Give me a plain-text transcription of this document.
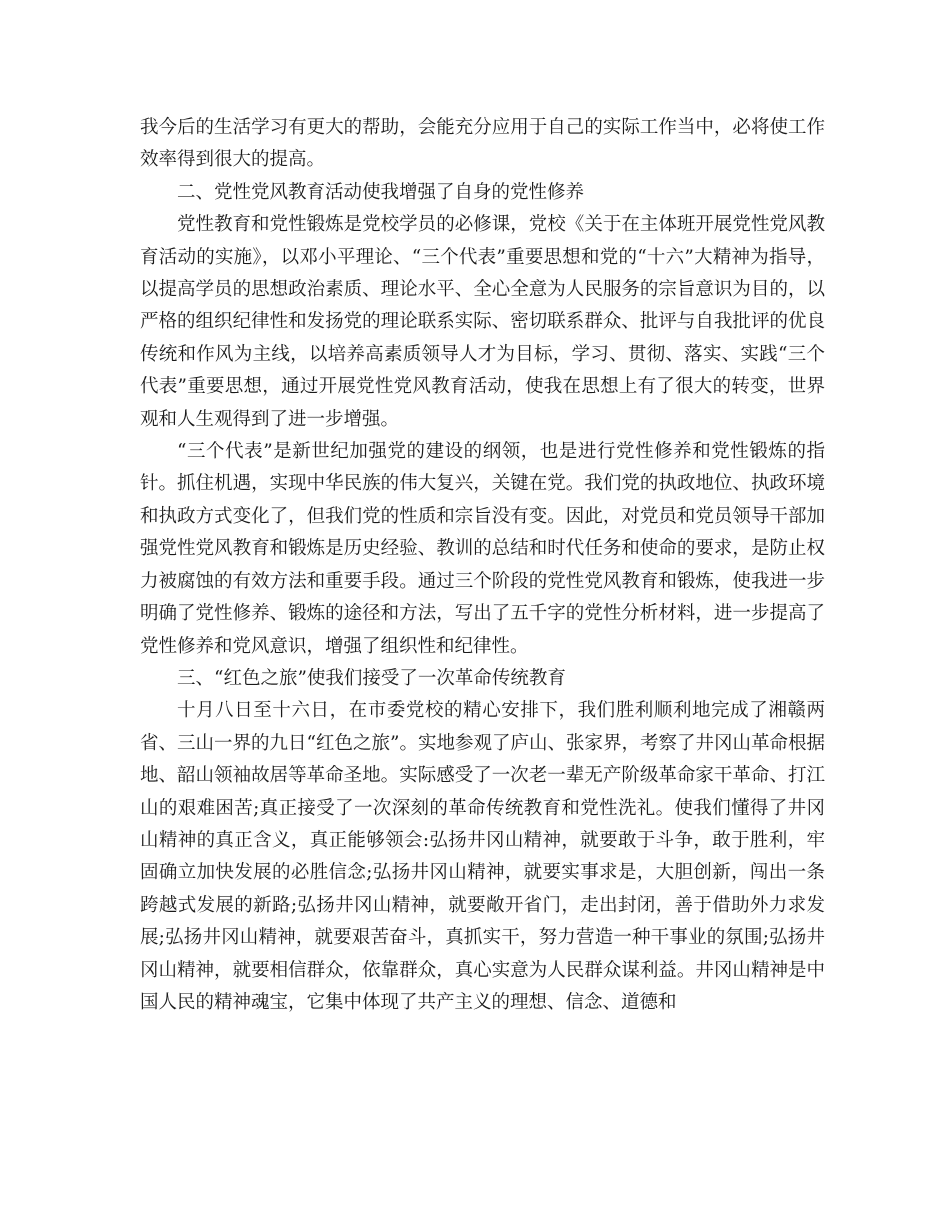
我今后的生活学习有更大的帮助，会能充分应用于自己的实际工作当中，必将使工作效率得到很大的提高。

二、党性党风教育活动使我增强了自身的党性修养

党性教育和党性锻炼是党校学员的必修课，党校《关于在主体班开展党性党风教育活动的实施》，以邓小平理论、“三个代表”重要思想和党的“十六”大精神为指导，以提高学员的思想政治素质、理论水平、全心全意为人民服务的宗旨意识为目的，以严格的组织纪律性和发扬党的理论联系实际、密切联系群众、批评与自我批评的优良传统和作风为主线，以培养高素质领导人才为目标，学习、贯彻、落实、实践“三个代表”重要思想，通过开展党性党风教育活动，使我在思想上有了很大的转变，世界观和人生观得到了进一步增强。

“三个代表”是新世纪加强党的建设的纲领，也是进行党性修养和党性锻炼的指针。抓住机遇，实现中华民族的伟大复兴，关键在党。我们党的执政地位、执政环境和执政方式变化了，但我们党的性质和宗旨没有变。因此，对党员和党员领导干部加强党性党风教育和锻炼是历史经验、教训的总结和时代任务和使命的要求，是防止权力被腐蚀的有效方法和重要手段。通过三个阶段的党性党风教育和锻炼，使我进一步明确了党性修养、锻炼的途径和方法，写出了五千字的党性分析材料，进一步提高了党性修养和党风意识，增强了组织性和纪律性。

三、“红色之旅”使我们接受了一次革命传统教育

十月八日至十六日，在市委党校的精心安排下，我们胜利顺利地完成了湘赣两省、三山一界的九日“红色之旅”。实地参观了庐山、张家界，考察了井冈山革命根据地、韶山领袖故居等革命圣地。实际感受了一次老一辈无产阶级革命家干革命、打江山的艰难困苦;真正接受了一次深刻的革命传统教育和党性洗礼。使我们懂得了井冈山精神的真正含义，真正能够领会:弘扬井冈山精神，就要敢于斗争，敢于胜利，牢固确立加快发展的必胜信念;弘扬井冈山精神，就要实事求是，大胆创新，闯出一条跨越式发展的新路;弘扬井冈山精神，就要敞开省门，走出封闭，善于借助外力求发展;弘扬井冈山精神，就要艰苦奋斗，真抓实干，努力营造一种干事业的氛围;弘扬井冈山精神，就要相信群众，依靠群众，真心实意为人民群众谋利益。井冈山精神是中国人民的精神魂宝，它集中体现了共产主义的理想、信念、道德和
